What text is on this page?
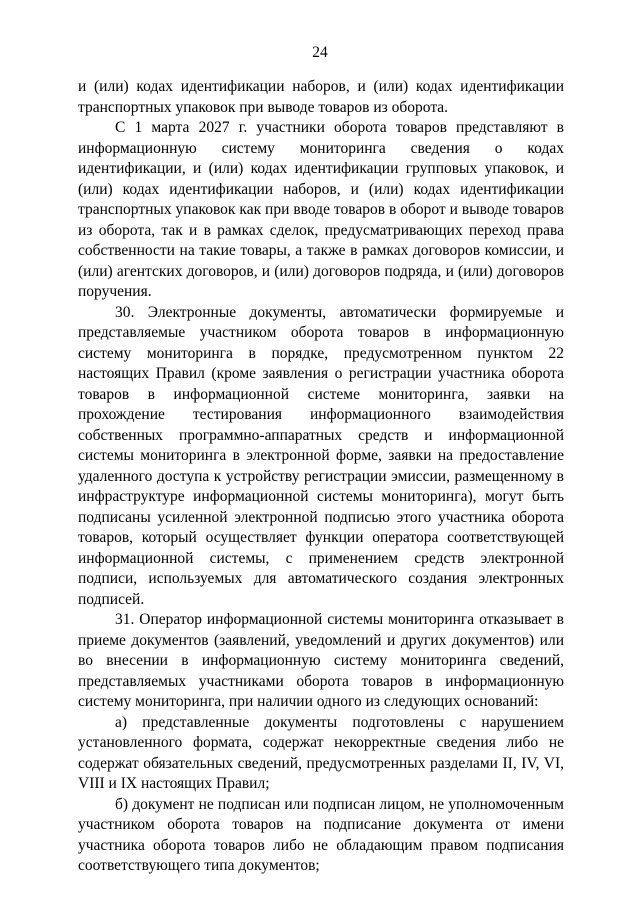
24

и (или) кодах идентификации наборов, и (или) кодах идентификации транспортных упаковок при выводе товаров из оборота.

С 1 марта 2027 г. участники оборота товаров представляют в информационную систему мониторинга сведения о кодах идентификации, и (или) кодах идентификации групповых упаковок, и (или) кодах идентификации наборов, и (или) кодах идентификации транспортных упаковок как при вводе товаров в оборот и выводе товаров из оборота, так и в рамках сделок, предусматривающих переход права собственности на такие товары, а также в рамках договоров комиссии, и (или) агентских договоров, и (или) договоров подряда, и (или) договоров поручения.

30. Электронные документы, автоматически формируемые и представляемые участником оборота товаров в информационную систему мониторинга в порядке, предусмотренном пунктом 22 настоящих Правил (кроме заявления о регистрации участника оборота товаров в информационной системе мониторинга, заявки на прохождение тестирования информационного взаимодействия собственных программно-аппаратных средств и информационной системы мониторинга в электронной форме, заявки на предоставление удаленного доступа к устройству регистрации эмиссии, размещенному в инфраструктуре информационной системы мониторинга), могут быть подписаны усиленной электронной подписью этого участника оборота товаров, который осуществляет функции оператора соответствующей информационной системы, с применением средств электронной подписи, используемых для автоматического создания электронных подписей.

31. Оператор информационной системы мониторинга отказывает в приеме документов (заявлений, уведомлений и других документов) или во внесении в информационную систему мониторинга сведений, представляемых участниками оборота товаров в информационную систему мониторинга, при наличии одного из следующих оснований:

а) представленные документы подготовлены с нарушением установленного формата, содержат некорректные сведения либо не содержат обязательных сведений, предусмотренных разделами II, IV, VI, VIII и IX настоящих Правил;

б) документ не подписан или подписан лицом, не уполномоченным участником оборота товаров на подписание документа от имени участника оборота товаров либо не обладающим правом подписания соответствующего типа документов;
